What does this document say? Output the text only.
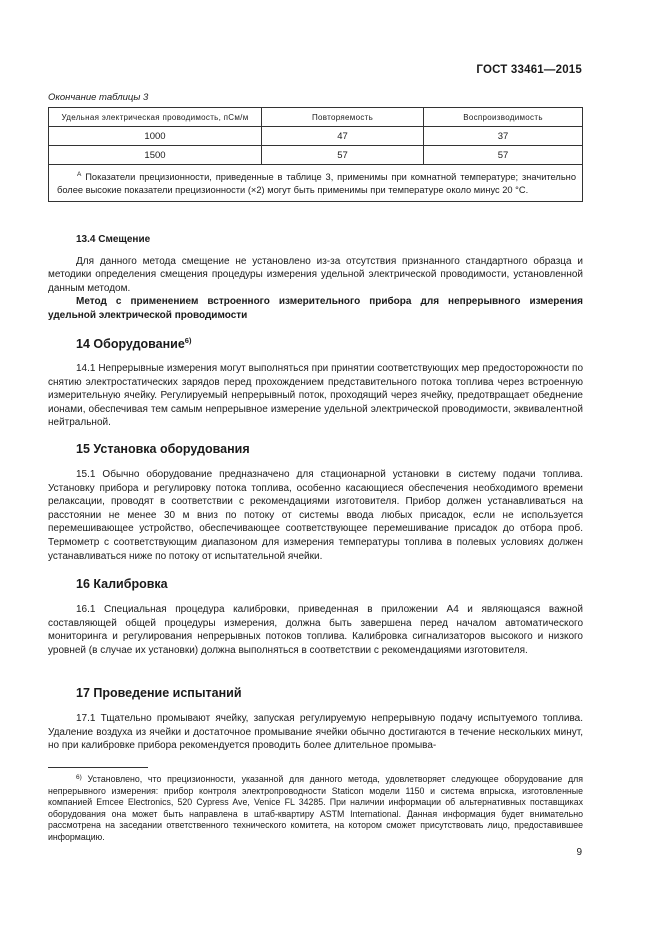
ГОСТ 33461—2015
Окончание таблицы 3
Удельная электрическая проводимость, пСм/м	Повторяемость	Воспроизводимость
1000	47	37
1500	57	57
$^A$ Показатели прецизионности, приведенные в таблице 3, применимы при комнатной температуре; значительно более высокие показатели прецизионности (×2) могут быть применимы при температуре около минус 20 °С.		

13.4 Смещение

Для данного метода смещение не установлено из-за отсутствия признанного стандартного образца и методики определения смещения процедуры измерения удельной электрической проводимости, установленной данным методом.

Метод с применением встроенного измерительного прибора для непрерывного измерения удельной электрической проводимости

14 Оборудование$^{6)}$

14.1 Непрерывные измерения могут выполняться при принятии соответствующих мер предосторожности по снятию электростатических зарядов перед прохождением представительного потока топлива через встроенную измерительную ячейку. Регулируемый непрерывный поток, проходящий через ячейку, предотвращает обеднение ионами, обеспечивая тем самым непрерывное измерение удельной электрической проводимости, эквивалентной нейтральной.

15 Установка оборудования

15.1 Обычно оборудование предназначено для стационарной установки в систему подачи топлива. Установку прибора и регулировку потока топлива, особенно касающиеся обеспечения необходимого времени релаксации, проводят в соответствии с рекомендациями изготовителя. Прибор должен устанавливаться на расстоянии не менее 30 м вниз по потоку от системы ввода любых присадок, если не используется перемешивающее устройство, обеспечивающее соответствующее перемешивание присадок до отбора проб. Термометр с соответствующим диапазоном для измерения температуры топлива в полевых условиях должен устанавливаться ниже по потоку от испытательной ячейки.

16 Калибровка

16.1 Специальная процедура калибровки, приведенная в приложении А4 и являющаяся важной составляющей общей процедуры измерения, должна быть завершена перед началом автоматического мониторинга и регулирования непрерывных потоков топлива. Калибровка сигнализаторов высокого и низкого уровней (в случае их установки) должна выполняться в соответствии с рекомендациями изготовителя.

17 Проведение испытаний

17.1 Тщательно промывают ячейку, запуская регулируемую непрерывную подачу испытуемого топлива. Удаление воздуха из ячейки и достаточное промывание ячейки обычно достигаются в течение нескольких минут, но при калибровке прибора рекомендуется проводить более длительное промыва-

$^{6)}$ Установлено, что прецизионности, указанной для данного метода, удовлетворяет следующее оборудование для непрерывного измерения: прибор контроля электропроводности Staticon модели 1150 и система впрыска, изготовленные компанией Emcee Electronics, 520 Cypress Ave, Venice FL 34285. При наличии информации об альтернативных поставщиках оборудования она может быть направлена в штаб-квартиру ASTM International. Данная информация будет внимательно рассмотрена на заседании ответственного технического комитета, на котором сможет присутствовать лицо, предоставившее информацию.
9
